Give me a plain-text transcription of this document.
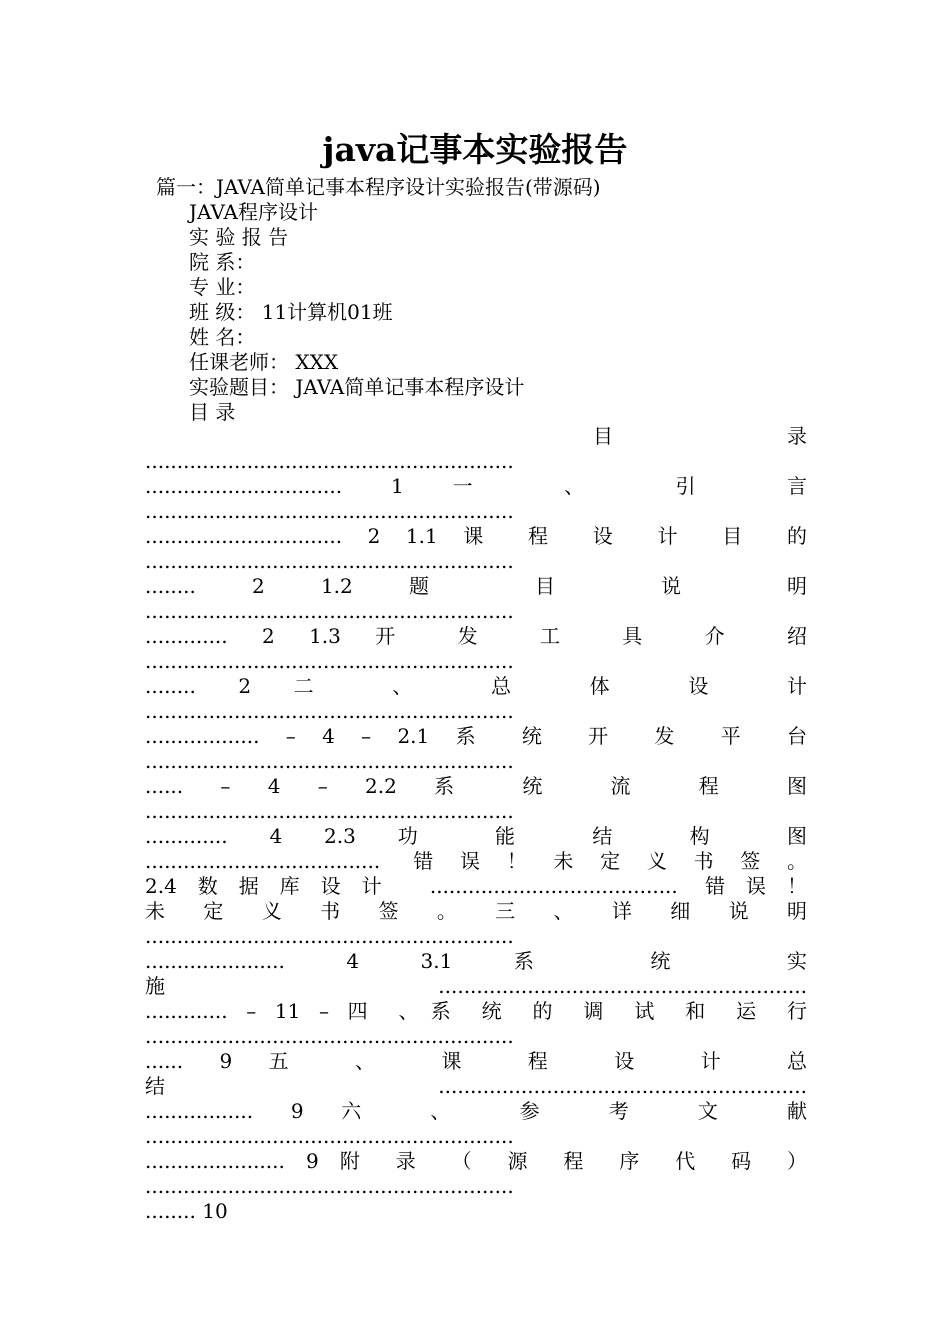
java记事本实验报告
篇一：JAVA简单记事本程序设计实验报告(带源码)
JAVA程序设计
实 验 报 告
院 系：
专 业：
班 级： 11计算机01班
姓 名：
任课老师： XXX
实验题目： JAVA简单记事本程序设计
目 录
目	录
..........................................................
............................... 1 一 、 引 言
..........................................................
............................... 2 1.1 课 程 设 计 目 的
..........................................................
........ 2 1.2 题 目 说 明
..........................................................
............. 2 1.3 开 发 工 具 介 绍
..........................................................
........ 2 二 、 总 体 设 计
..........................................................
.................. – 4 – 2.1 系 统 开 发 平 台
..........................................................
...... – 4 – 2.2 系 统 流 程 图
..........................................................
............. 4 2.3 功 能 结 构 图
..................................... 错误！未定义书签。
2.4数据库设计 ....................................... 错误！
未 定 义 书 签 。 三 、 详 细 说 明
..........................................................
...................... 4 3.1 系 统 实
施..........................................................
............. – 11 – 四 、系 统 的 调 试 和 运 行
..........................................................
...... 9 五 、 课 程 设 计 总
结..........................................................
................. 9 六 、 参 考 文 献
..........................................................
...................... 9 附 录 （ 源 程 序 代 码 ）
..........................................................
........ 10
